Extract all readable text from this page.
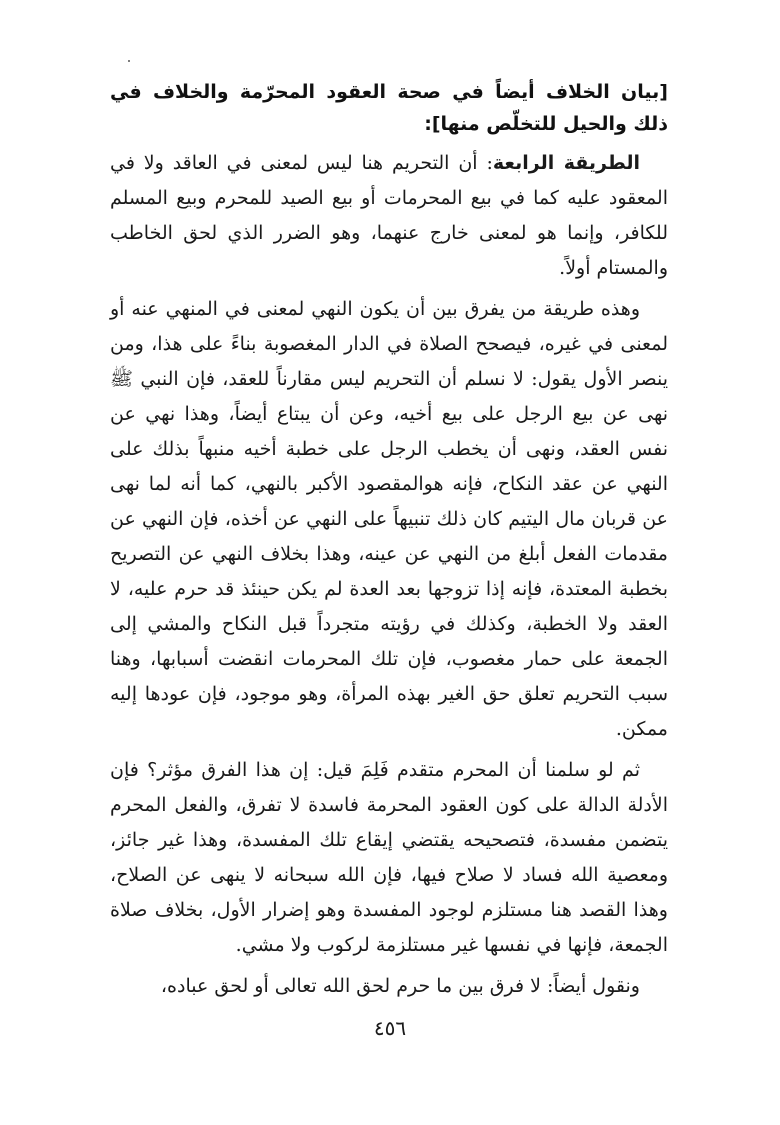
[بيان الخلاف أيضاً في صحة العقود المحرّمة والخلاف في ذلك والحيل للتخلّص منها]:

الطريقة الرابعة: أن التحريم هنا ليس لمعنى في العاقد ولا في المعقود عليه كما في بيع المحرمات أو بيع الصيد للمحرم وبيع المسلم للكافر، وإنما هو لمعنى خارج عنهما، وهو الضرر الذي لحق الخاطب والمستام أولاً.

وهذه طريقة من يفرق بين أن يكون النهي لمعنى في المنهي عنه أو لمعنى في غيره، فيصحح الصلاة في الدار المغصوبة بناءً على هذا، ومن ينصر الأول يقول: لا نسلم أن التحريم ليس مقارناً للعقد، فإن النبي ﷺ نهى عن بيع الرجل على بيع أخيه، وعن أن يبتاع أيضاً، وهذا نهي عن نفس العقد، ونهى أن يخطب الرجل على خطبة أخيه منبهاً بذلك على النهي عن عقد النكاح، فإنه هوالمقصود الأكبر بالنهي، كما أنه لما نهى عن قربان مال اليتيم كان ذلك تنبيهاً على النهي عن أخذه، فإن النهي عن مقدمات الفعل أبلغ من النهي عن عينه، وهذا بخلاف النهي عن التصريح بخطبة المعتدة، فإنه إذا تزوجها بعد العدة لم يكن حينئذ قد حرم عليه، لا العقد ولا الخطبة، وكذلك في رؤيته متجرداً قبل النكاح والمشي إلى الجمعة على حمار مغصوب، فإن تلك المحرمات انقضت أسبابها، وهنا سبب التحريم تعلق حق الغير بهذه المرأة، وهو موجود، فإن عودها إليه ممكن.

ثم لو سلمنا أن المحرم متقدم فَلِمَ قيل: إن هذا الفرق مؤثر؟ فإن الأدلة الدالة على كون العقود المحرمة فاسدة لا تفرق، والفعل المحرم يتضمن مفسدة، فتصحيحه يقتضي إيقاع تلك المفسدة، وهذا غير جائز، ومعصية الله فساد لا صلاح فيها، فإن الله سبحانه لا ينهى عن الصلاح، وهذا القصد هنا مستلزم لوجود المفسدة وهو إضرار الأول، بخلاف صلاة الجمعة، فإنها في نفسها غير مستلزمة لركوب ولا مشي.

ونقول أيضاً: لا فرق بين ما حرم لحق الله تعالى أو لحق عباده،

٤٥٦
